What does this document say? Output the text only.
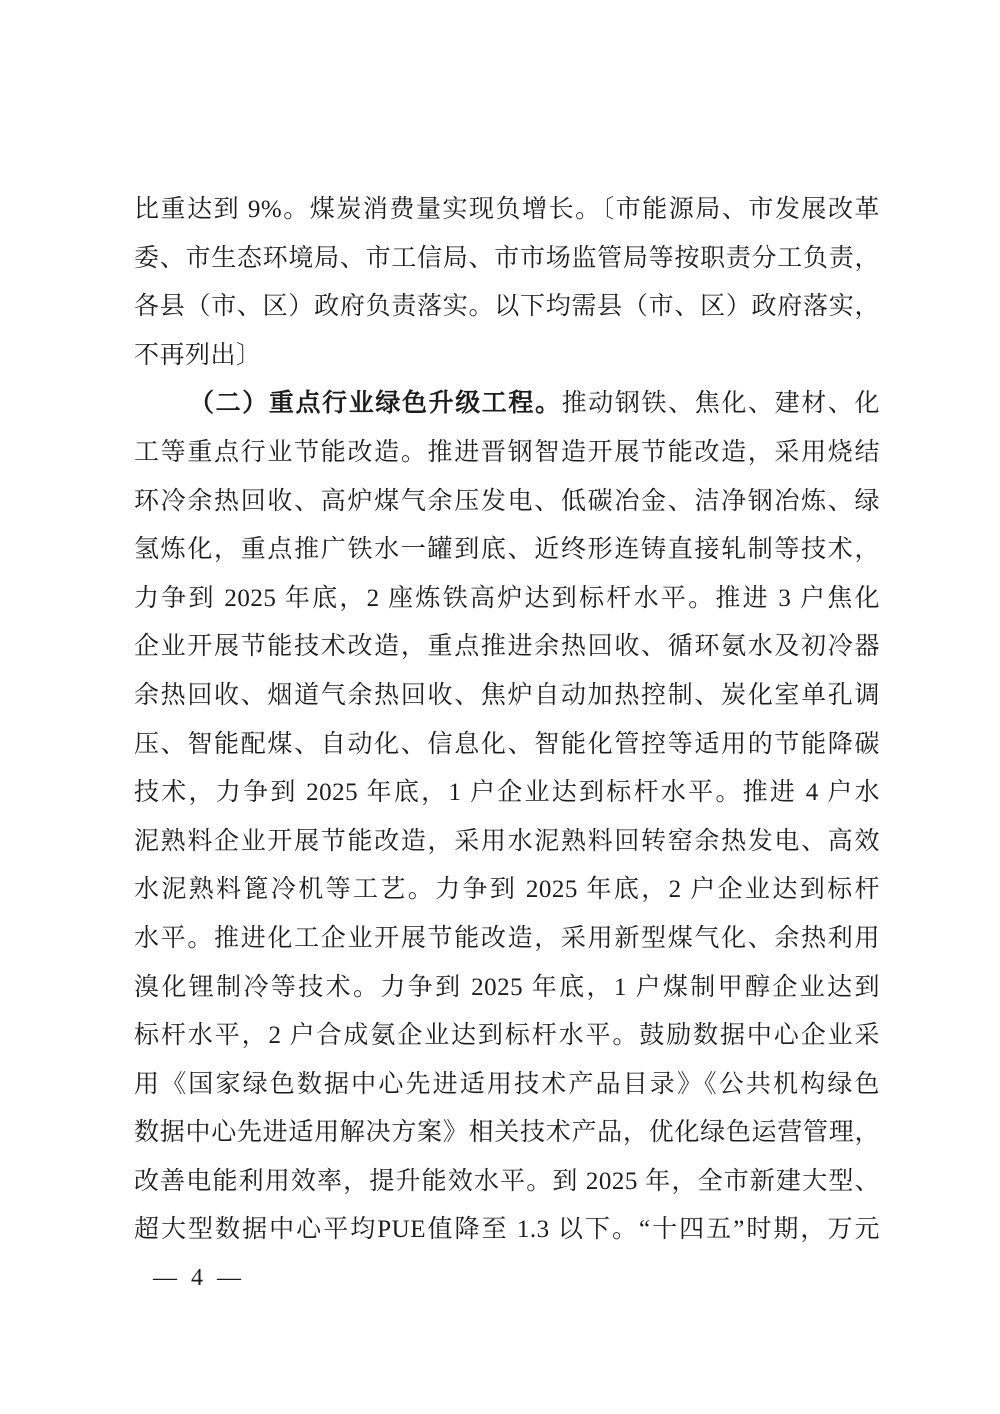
比重达到 9%。煤炭消费量实现负增长。〔市能源局、市发展改革
委、市生态环境局、市工信局、市市场监管局等按职责分工负责，
各县（市、区）政府负责落实。以下均需县（市、区）政府落实，
不再列出〕
（二）重点行业绿色升级工程。推动钢铁、焦化、建材、化
工等重点行业节能改造。推进晋钢智造开展节能改造，采用烧结
环冷余热回收、高炉煤气余压发电、低碳冶金、洁净钢冶炼、绿
氢炼化，重点推广铁水一罐到底、近终形连铸直接轧制等技术，
力争到 2025 年底，2 座炼铁高炉达到标杆水平。推进 3 户焦化
企业开展节能技术改造，重点推进余热回收、循环氨水及初冷器
余热回收、烟道气余热回收、焦炉自动加热控制、炭化室单孔调
压、智能配煤、自动化、信息化、智能化管控等适用的节能降碳
技术，力争到 2025 年底，1 户企业达到标杆水平。推进 4 户水
泥熟料企业开展节能改造，采用水泥熟料回转窑余热发电、高效
水泥熟料篦冷机等工艺。力争到 2025 年底，2 户企业达到标杆
水平。推进化工企业开展节能改造，采用新型煤气化、余热利用
溴化锂制冷等技术。力争到 2025 年底，1 户煤制甲醇企业达到
标杆水平，2 户合成氨企业达到标杆水平。鼓励数据中心企业采
用《国家绿色数据中心先进适用技术产品目录》《公共机构绿色
数据中心先进适用解决方案》相关技术产品，优化绿色运营管理，
改善电能利用效率，提升能效水平。到 2025 年，全市新建大型、
超大型数据中心平均PUE值降至 1.3 以下。“十四五”时期，万元
— 4 —
